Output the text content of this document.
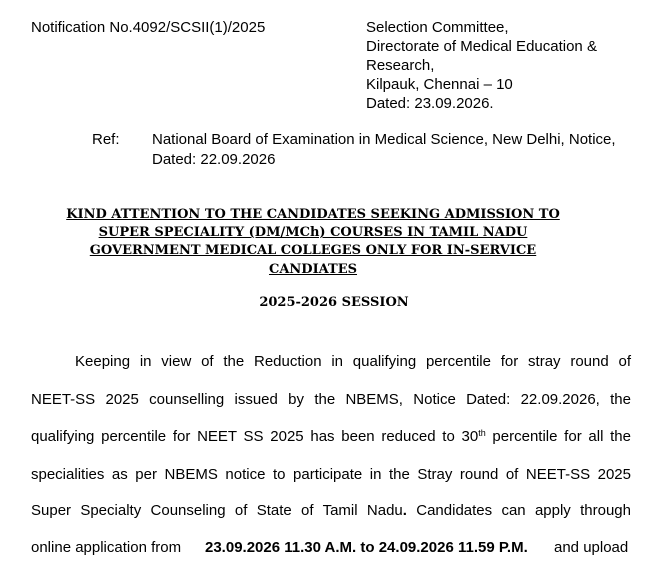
Notification No.4092/SCSII(1)/2025	Selection Committee,
Directorate of Medical Education &
Research,
Kilpauk, Chennai – 10
Dated: 23.09.2026.
Ref: National Board of Examination in Medical Science, New Delhi, Notice,
Dated: 22.09.2026
KIND ATTENTION TO THE CANDIDATES SEEKING ADMISSION TO
SUPER SPECIALITY (DM/MCh) COURSES IN TAMIL NADU
GOVERNMENT MEDICAL COLLEGES ONLY FOR IN-SERVICE
CANDIATES
2025-2026 SESSION
Keeping in view of the Reduction in qualifying percentile for stray round of
NEET-SS 2025 counselling issued by the NBEMS, Notice Dated: 22.09.2026, the
qualifying percentile for NEET SS 2025 has been reduced to 30th percentile for all the
specialities as per NBEMS notice to participate in the Stray round of NEET-SS 2025
Super Specialty Counseling of State of Tamil Nadu. Candidates can apply through
online application from 23.09.2026 11.30 A.M. to 24.09.2026 11.59 P.M. and upload
